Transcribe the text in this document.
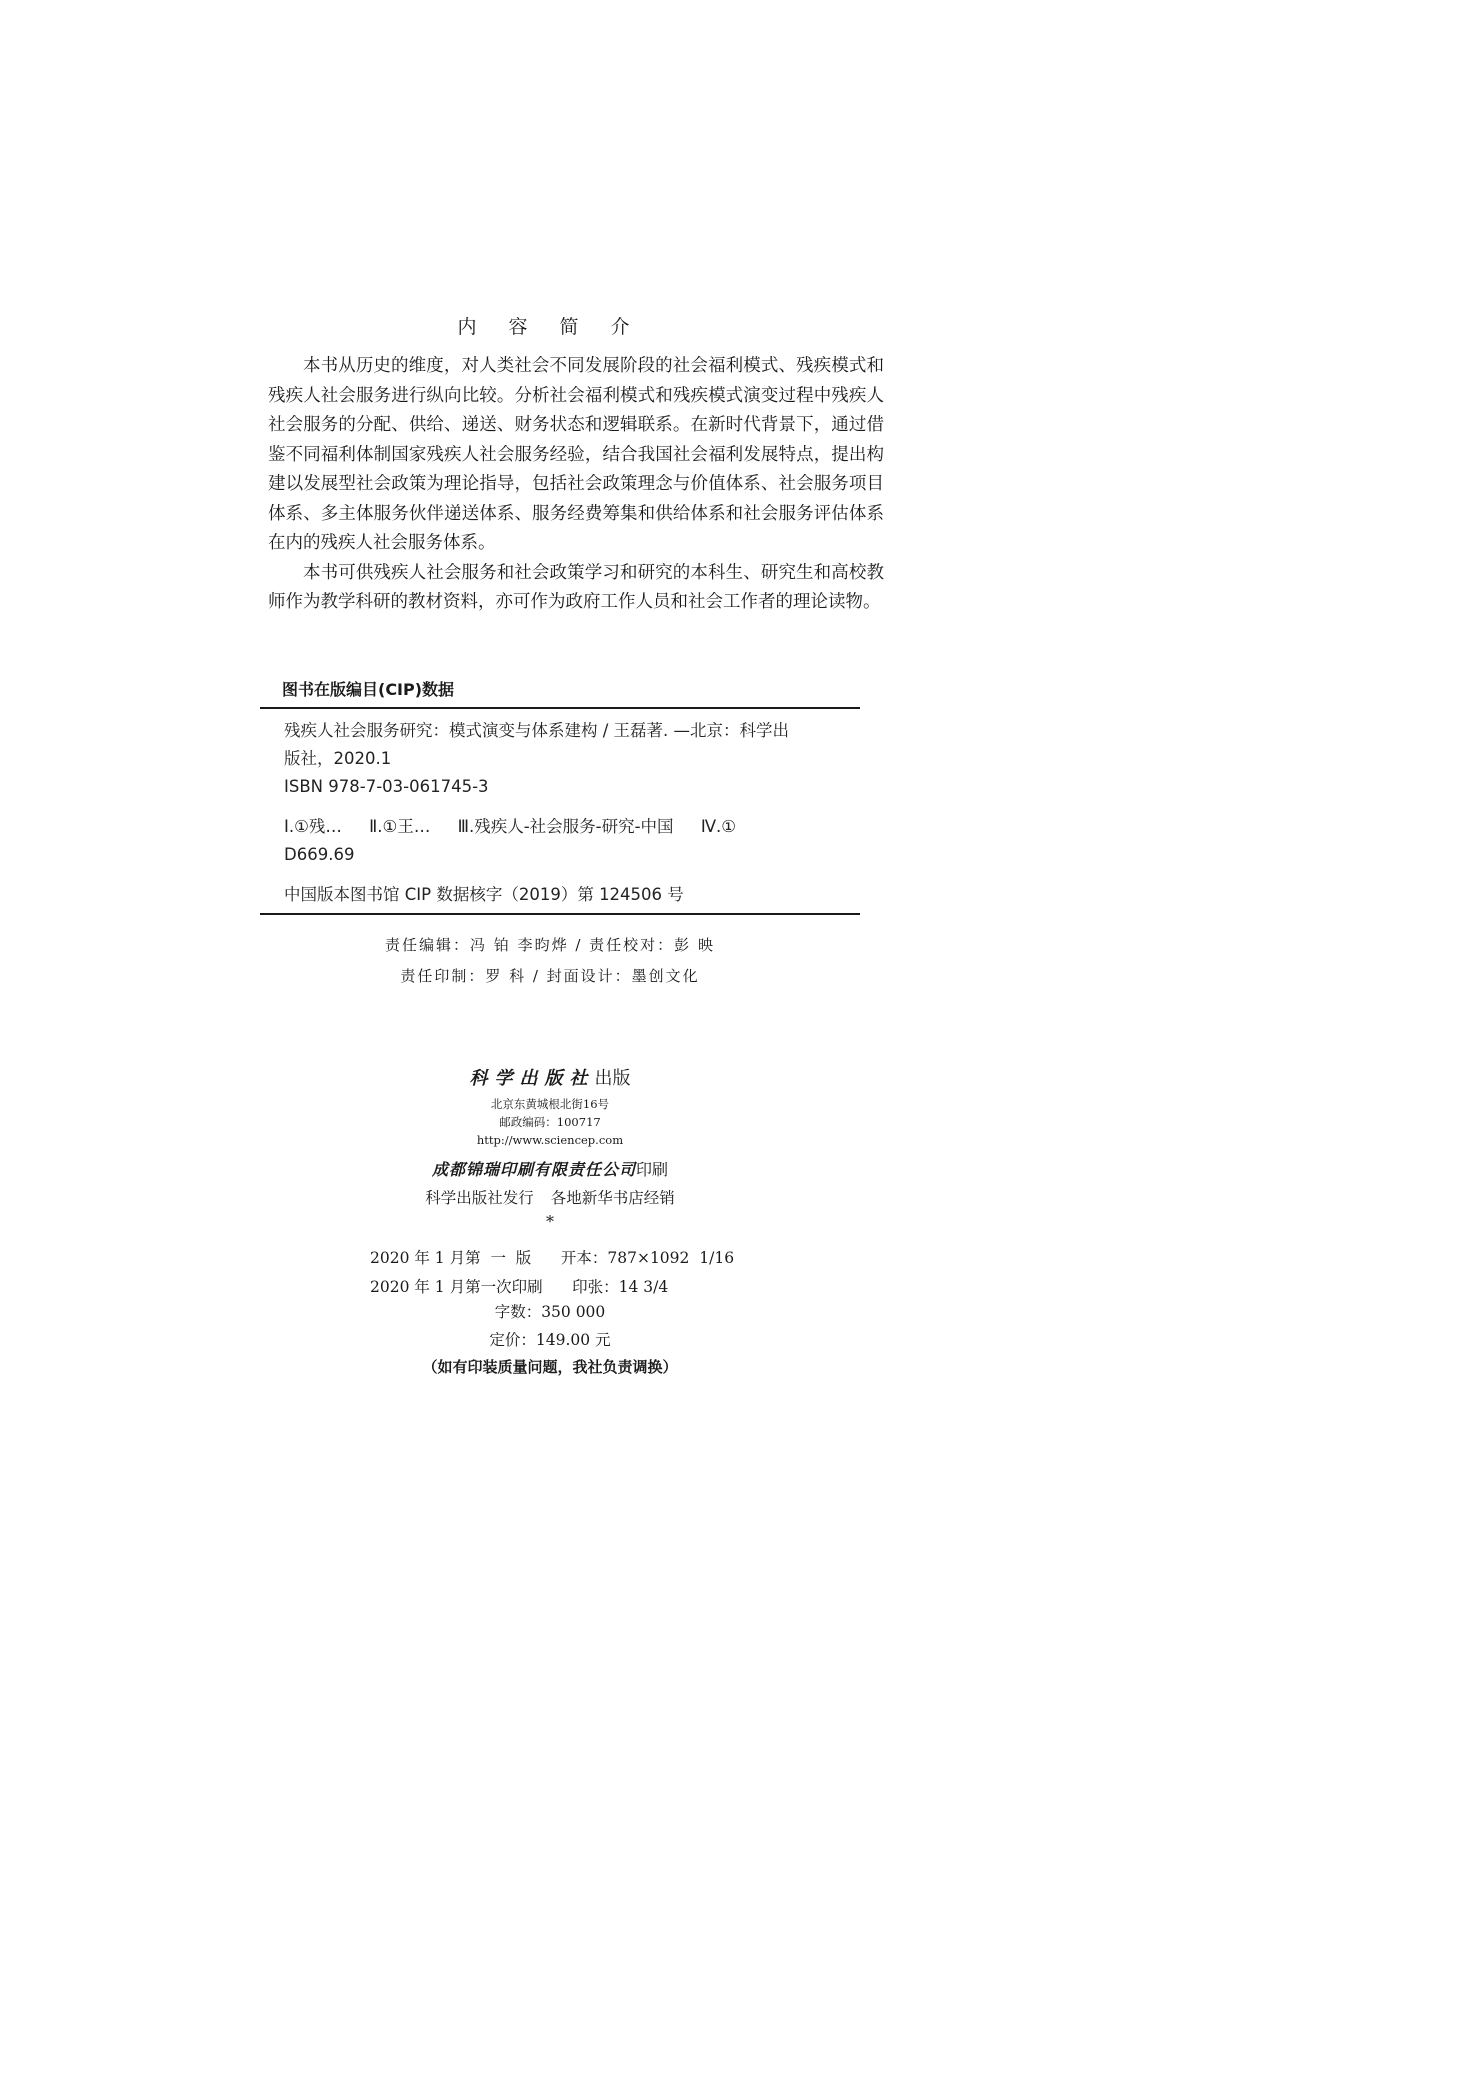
内 容 简 介

本书从历史的维度，对人类社会不同发展阶段的社会福利模式、残疾模式和残疾人社会服务进行纵向比较。分析社会福利模式和残疾模式演变过程中残疾人社会服务的分配、供给、递送、财务状态和逻辑联系。在新时代背景下，通过借鉴不同福利体制国家残疾人社会服务经验，结合我国社会福利发展特点，提出构建以发展型社会政策为理论指导，包括社会政策理念与价值体系、社会服务项目体系、多主体服务伙伴递送体系、服务经费筹集和供给体系和社会服务评估体系在内的残疾人社会服务体系。

本书可供残疾人社会服务和社会政策学习和研究的本科生、研究生和高校教师作为教学科研的教材资料，亦可作为政府工作人员和社会工作者的理论读物。

图书在版编目(CIP)数据
残疾人社会服务研究：模式演变与体系建构 / 王磊著. —北京：科学出
版社，2020.1
ISBN 978-7-03-061745-3
Ⅰ.①残… Ⅱ.①王… Ⅲ.残疾人-社会服务-研究-中国 Ⅳ.①
D669.69
中国版本图书馆 CIP 数据核字（2019）第 124506 号
责任编辑：冯 铂 李昀烨 / 责任校对：彭 映
责任印制：罗 科 / 封面设计：墨创文化
科学出版社出版
北京东黄城根北街16号
邮政编码：100717
http://www.sciencep.com
成都锦瑞印刷有限责任公司印刷
科学出版社发行 各地新华书店经销
*
2020 年 1 月第  一  版 开本：787×1092  1/16
2020 年 1 月第一次印刷 印张：14 3/4
字数：350 000
定价：149.00 元
（如有印装质量问题，我社负责调换）
